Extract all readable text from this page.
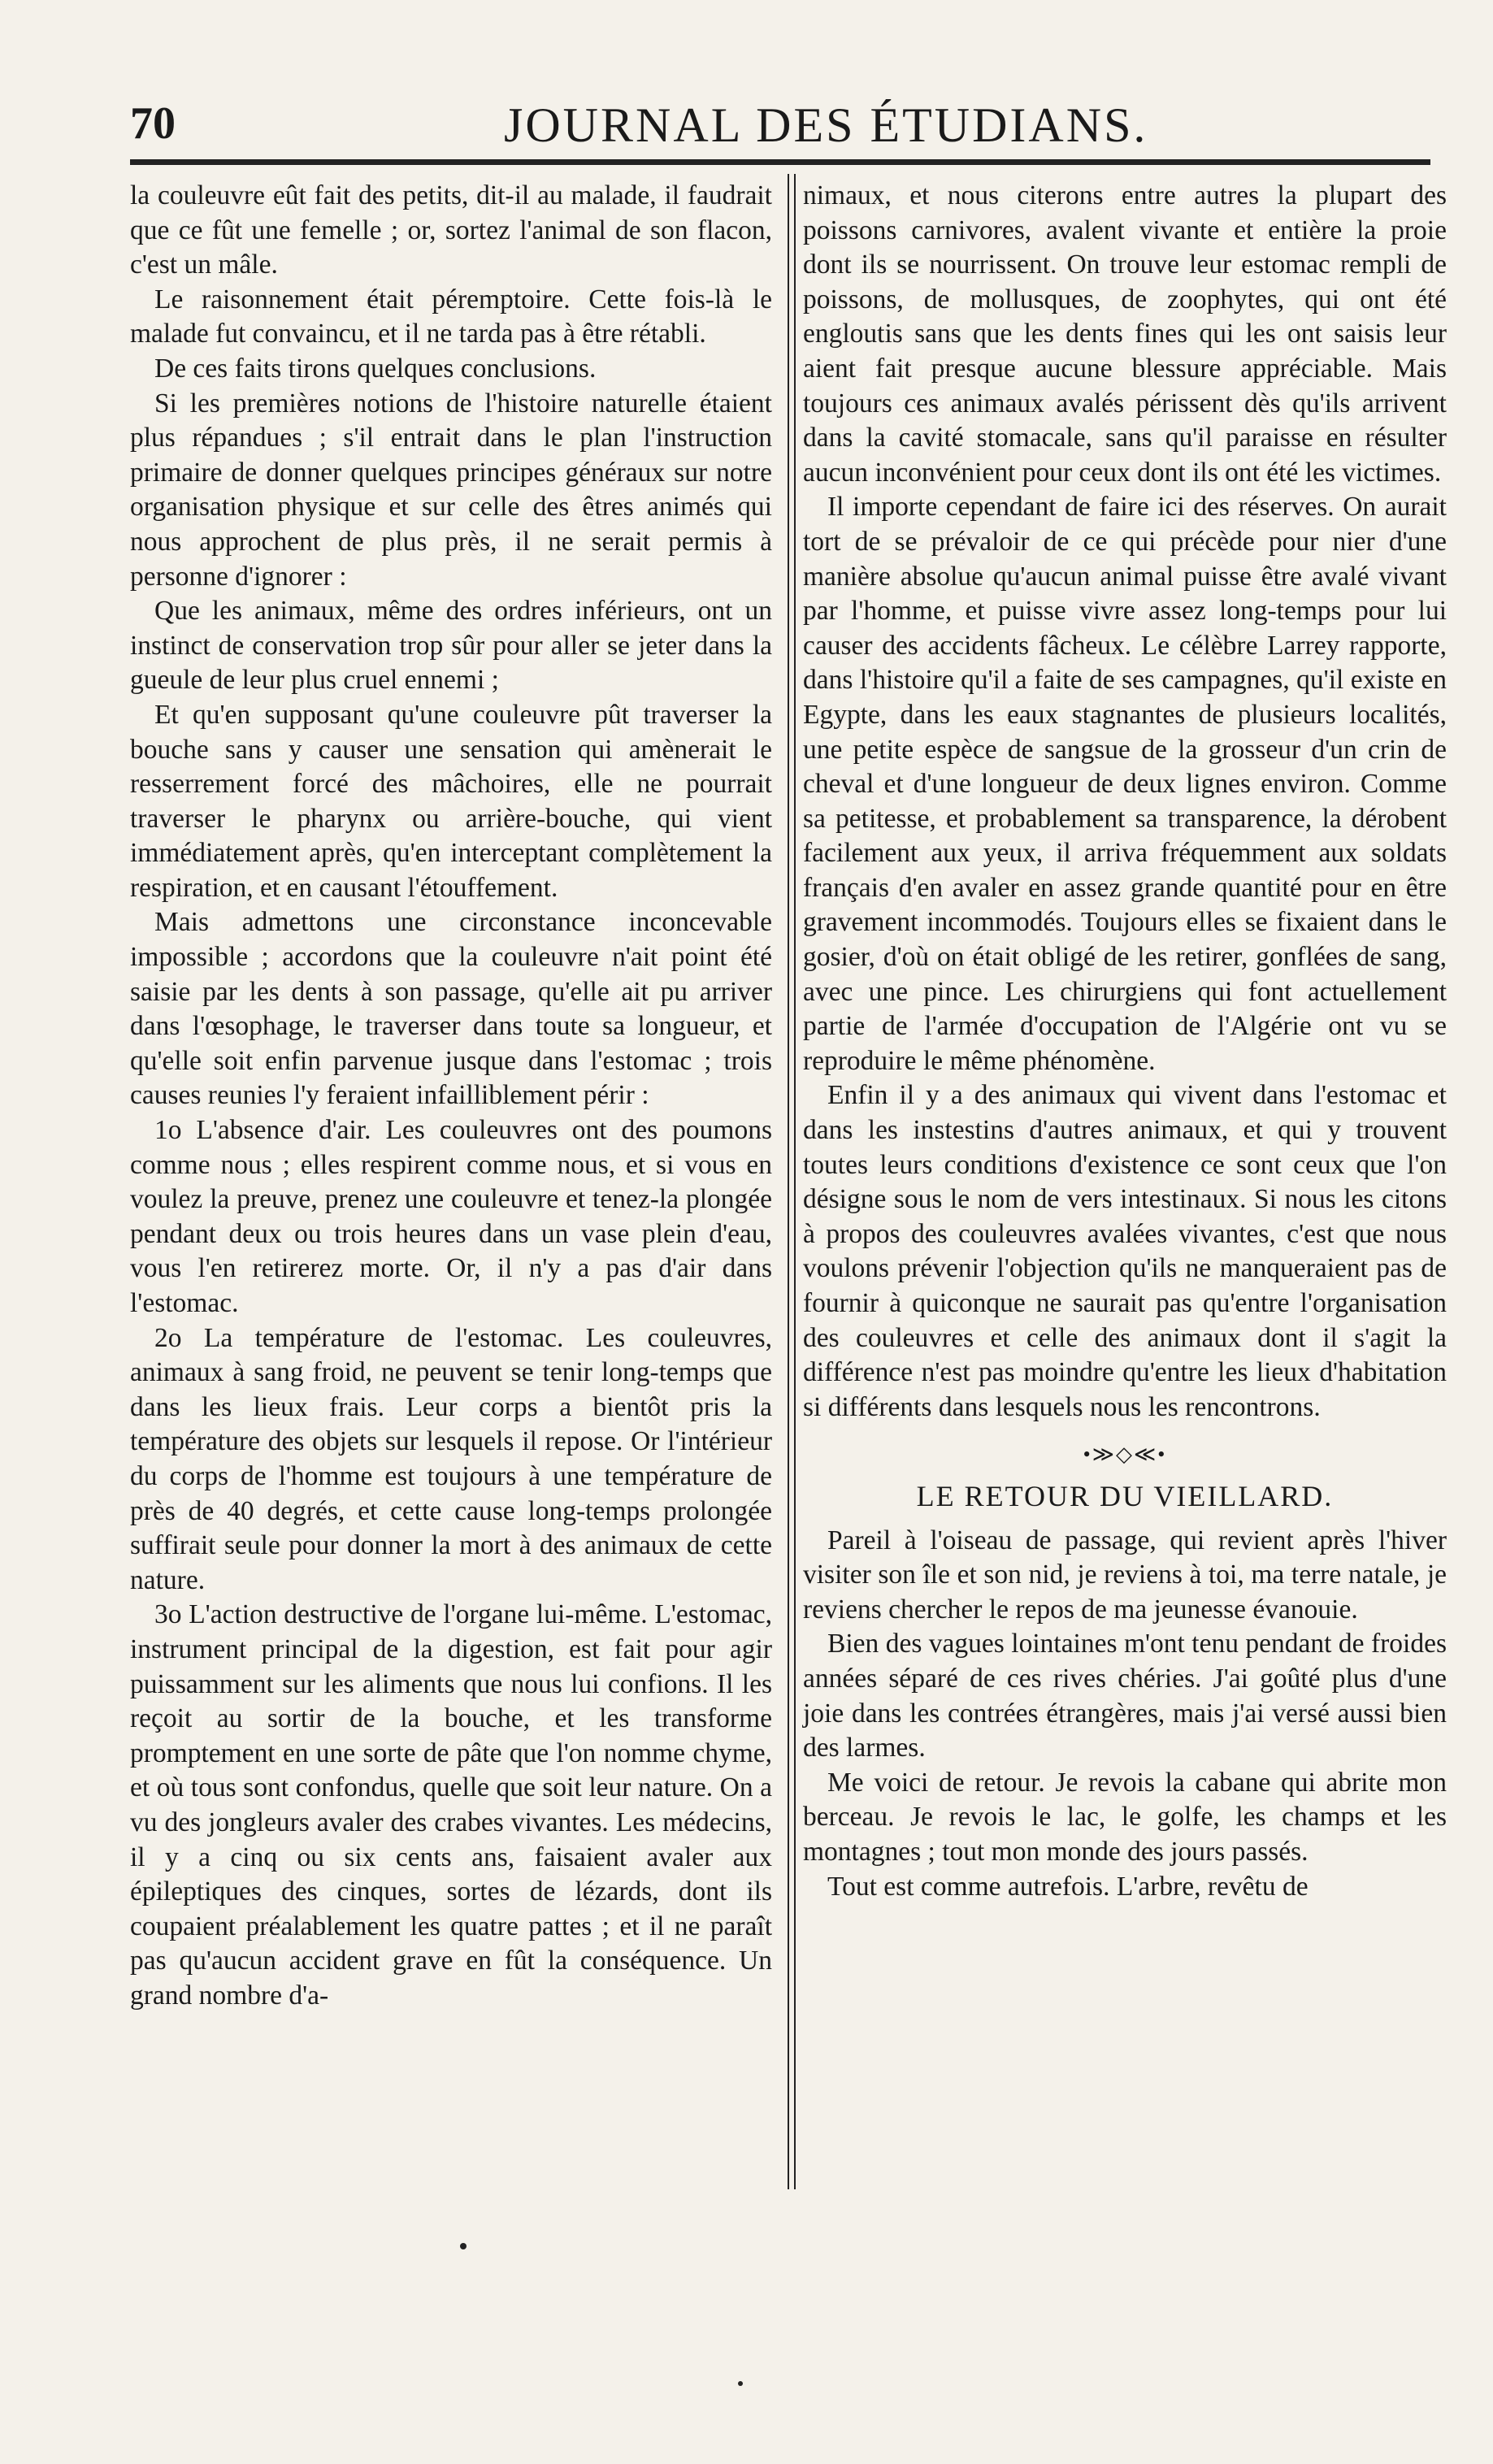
70	JOURNAL DES ÉTUDIANS.

la couleuvre eût fait des petits, dit-il au malade, il faudrait que ce fût une femelle ; or, sortez l'animal de son flacon, c'est un mâle.

Le raisonnement était péremptoire. Cette fois-là le malade fut convaincu, et il ne tarda pas à être rétabli.

De ces faits tirons quelques conclusions.

Si les premières notions de l'histoire naturelle étaient plus répandues ; s'il entrait dans le plan l'instruction primaire de donner quelques principes généraux sur notre organisation physique et sur celle des êtres animés qui nous approchent de plus près, il ne serait permis à personne d'ignorer :

Que les animaux, même des ordres inférieurs, ont un instinct de conservation trop sûr pour aller se jeter dans la gueule de leur plus cruel ennemi ;

Et qu'en supposant qu'une couleuvre pût traverser la bouche sans y causer une sensation qui amènerait le resserrement forcé des mâchoires, elle ne pourrait traverser le pharynx ou arrière-bouche, qui vient immédiatement après, qu'en interceptant complètement la respiration, et en causant l'étouffement.

Mais admettons une circonstance inconcevable impossible ; accordons que la couleuvre n'ait point été saisie par les dents à son passage, qu'elle ait pu arriver dans l'œsophage, le traverser dans toute sa longueur, et qu'elle soit enfin parvenue jusque dans l'estomac ; trois causes reunies l'y feraient infailliblement périr :

1o L'absence d'air. Les couleuvres ont des poumons comme nous ; elles respirent comme nous, et si vous en voulez la preuve, prenez une couleuvre et tenez-la plongée pendant deux ou trois heures dans un vase plein d'eau, vous l'en retirerez morte. Or, il n'y a pas d'air dans l'estomac.

2o La température de l'estomac. Les couleuvres, animaux à sang froid, ne peuvent se tenir long-temps que dans les lieux frais. Leur corps a bientôt pris la température des objets sur lesquels il repose. Or l'intérieur du corps de l'homme est toujours à une température de près de 40 degrés, et cette cause long-temps prolongée suffirait seule pour donner la mort à des animaux de cette nature.

3o L'action destructive de l'organe lui-même. L'estomac, instrument principal de la digestion, est fait pour agir puissamment sur les aliments que nous lui confions. Il les reçoit au sortir de la bouche, et les transforme promptement en une sorte de pâte que l'on nomme chyme, et où tous sont confondus, quelle que soit leur nature. On a vu des jongleurs avaler des crabes vivantes. Les médecins, il y a cinq ou six cents ans, faisaient avaler aux épileptiques des cinques, sortes de lézards, dont ils coupaient préalablement les quatre pattes ; et il ne paraît pas qu'aucun accident grave en fût la conséquence. Un grand nombre d'a-

nimaux, et nous citerons entre autres la plupart des poissons carnivores, avalent vivante et entière la proie dont ils se nourrissent. On trouve leur estomac rempli de poissons, de mollusques, de zoophytes, qui ont été engloutis sans que les dents fines qui les ont saisis leur aient fait presque aucune blessure appréciable. Mais toujours ces animaux avalés périssent dès qu'ils arrivent dans la cavité stomacale, sans qu'il paraisse en résulter aucun inconvénient pour ceux dont ils ont été les victimes.

Il importe cependant de faire ici des réserves. On aurait tort de se prévaloir de ce qui précède pour nier d'une manière absolue qu'aucun animal puisse être avalé vivant par l'homme, et puisse vivre assez long-temps pour lui causer des accidents fâcheux. Le célèbre Larrey rapporte, dans l'histoire qu'il a faite de ses campagnes, qu'il existe en Egypte, dans les eaux stagnantes de plusieurs localités, une petite espèce de sangsue de la grosseur d'un crin de cheval et d'une longueur de deux lignes environ. Comme sa petitesse, et probablement sa transparence, la dérobent facilement aux yeux, il arriva fréquemment aux soldats français d'en avaler en assez grande quantité pour en être gravement incommodés. Toujours elles se fixaient dans le gosier, d'où on était obligé de les retirer, gonflées de sang, avec une pince. Les chirurgiens qui font actuellement partie de l'armée d'occupation de l'Algérie ont vu se reproduire le même phénomène.

Enfin il y a des animaux qui vivent dans l'estomac et dans les instestins d'autres animaux, et qui y trouvent toutes leurs conditions d'existence ce sont ceux que l'on désigne sous le nom de vers intestinaux. Si nous les citons à propos des couleuvres avalées vivantes, c'est que nous voulons prévenir l'objection qu'ils ne manqueraient pas de fournir à quiconque ne saurait pas qu'entre l'organisation des couleuvres et celle des animaux dont il s'agit la différence n'est pas moindre qu'entre les lieux d'habitation si différents dans lesquels nous les rencontrons.

•≫◇≪•
LE RETOUR DU VIEILLARD.

Pareil à l'oiseau de passage, qui revient après l'hiver visiter son île et son nid, je reviens à toi, ma terre natale, je reviens chercher le repos de ma jeunesse évanouie.

Bien des vagues lointaines m'ont tenu pendant de froides années séparé de ces rives chéries. J'ai goûté plus d'une joie dans les contrées étrangères, mais j'ai versé aussi bien des larmes.

Me voici de retour. Je revois la cabane qui abrite mon berceau. Je revois le lac, le golfe, les champs et les montagnes ; tout mon monde des jours passés.

Tout est comme autrefois. L'arbre, revêtu de
